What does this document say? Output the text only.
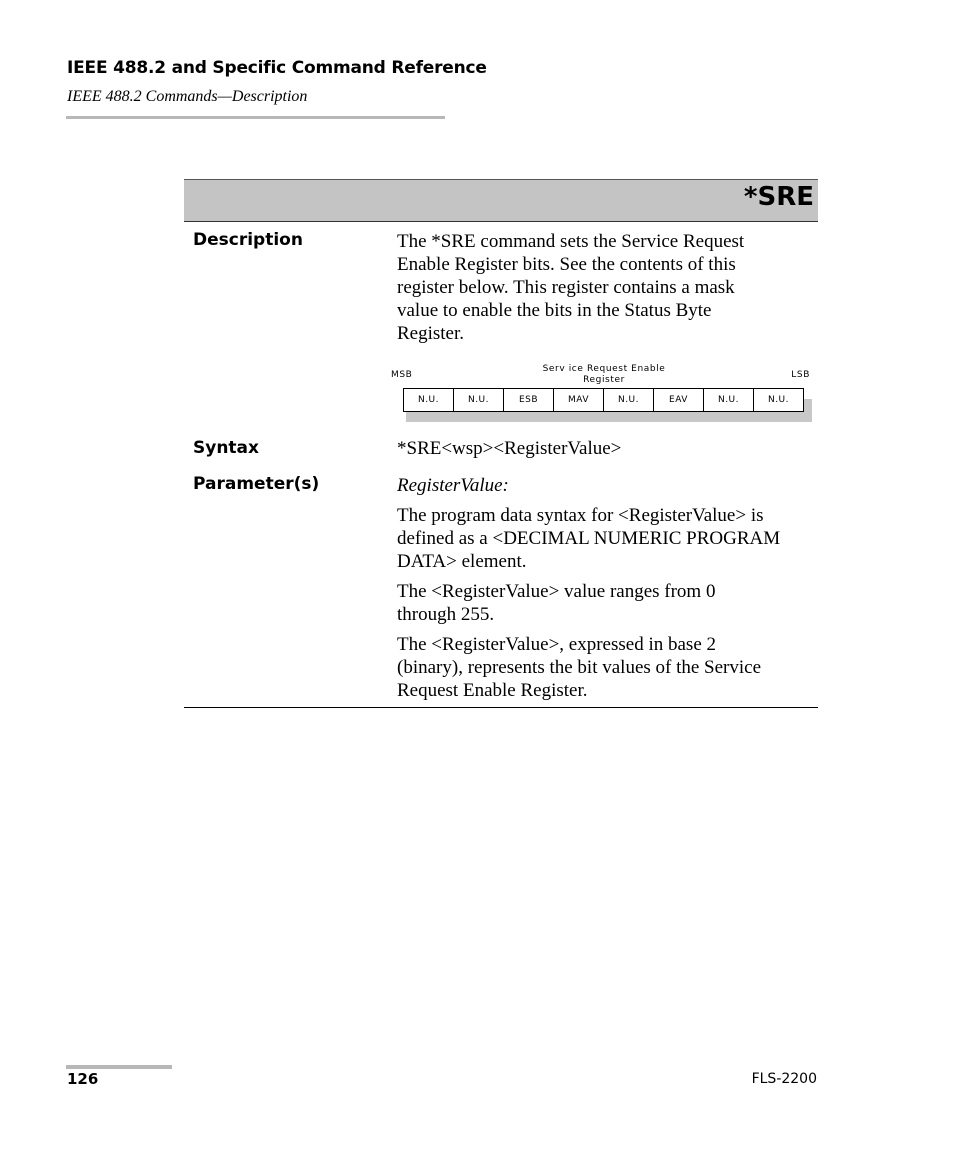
IEEE 488.2 and Specific Command Reference
IEEE 488.2 Commands—Description
*SRE
Description	The *SRE command sets the Service Request
Enable Register bits. See the contents of this
register below. This register contains a mask
value to enable the bits in the Status Byte
Register.
MSB
Serv ice Request Enable
Register	LSB
N.U.	N.U.	ESB	MAV	N.U.	EAV	N.U.	N.U.
Syntax	*SRE<wsp><RegisterValue>
Parameter(s)	RegisterValue:
The program data syntax for <RegisterValue> is
defined as a <DECIMAL NUMERIC PROGRAM
DATA> element.
The <RegisterValue> value ranges from 0
through 255.
The <RegisterValue>, expressed in base 2
(binary), represents the bit values of the Service
Request Enable Register.
126	FLS-2200
